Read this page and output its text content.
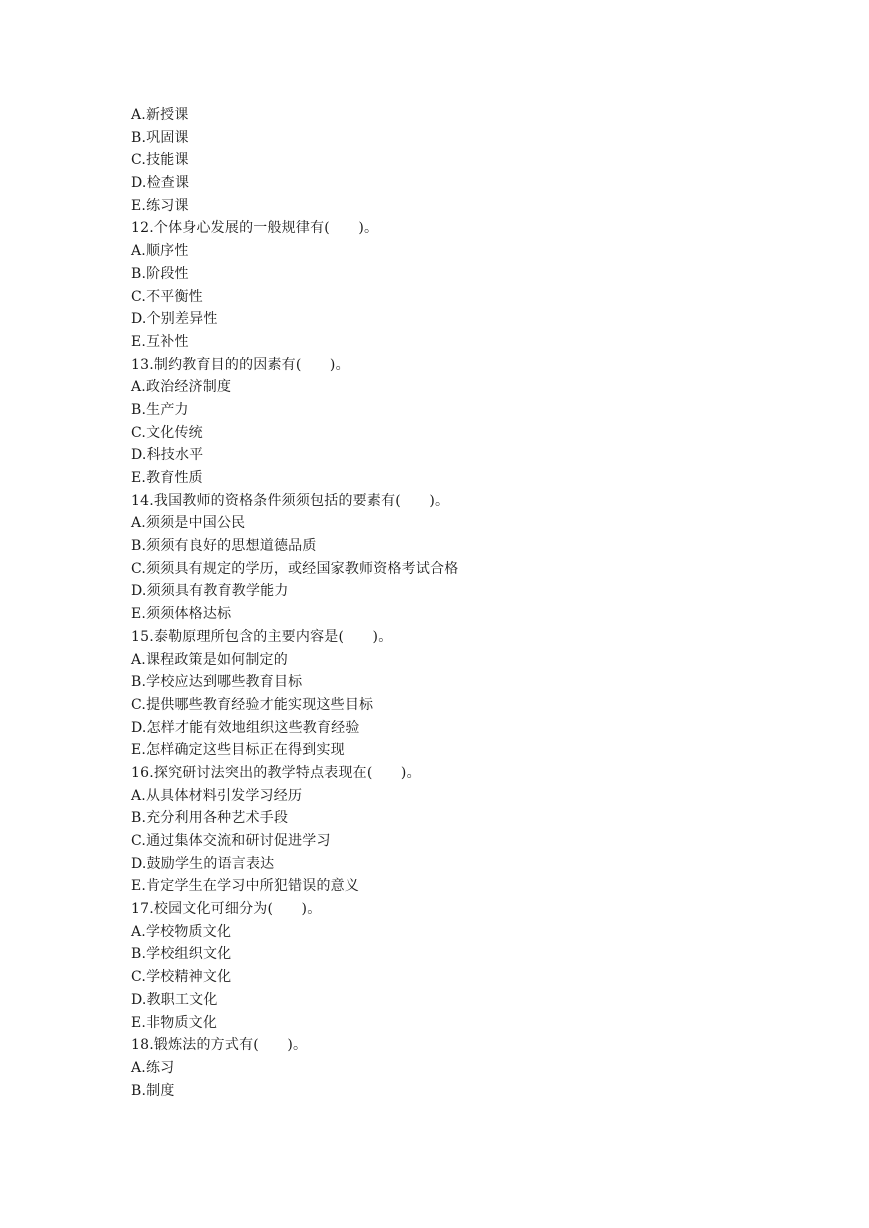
A.新授课
B.巩固课
C.技能课
D.检查课
E.练习课
12.个体身心发展的一般规律有(　　)。
A.顺序性
B.阶段性
C.不平衡性
D.个别差异性
E.互补性
13.制约教育目的的因素有(　　)。
A.政治经济制度
B.生产力
C.文化传统
D.科技水平
E.教育性质
14.我国教师的资格条件须须包括的要素有(　　)。
A.须须是中国公民
B.须须有良好的思想道德品质
C.须须具有规定的学历，或经国家教师资格考试合格
D.须须具有教育教学能力
E.须须体格达标
15.泰勒原理所包含的主要内容是(　　)。
A.课程政策是如何制定的
B.学校应达到哪些教育目标
C.提供哪些教育经验才能实现这些目标
D.怎样才能有效地组织这些教育经验
E.怎样确定这些目标正在得到实现
16.探究研讨法突出的教学特点表现在(　　)。
A.从具体材料引发学习经历
B.充分利用各种艺术手段
C.通过集体交流和研讨促进学习
D.鼓励学生的语言表达
E.肯定学生在学习中所犯错误的意义
17.校园文化可细分为(　　)。
A.学校物质文化
B.学校组织文化
C.学校精神文化
D.教职工文化
E.非物质文化
18.锻炼法的方式有(　　)。
A.练习
B.制度
